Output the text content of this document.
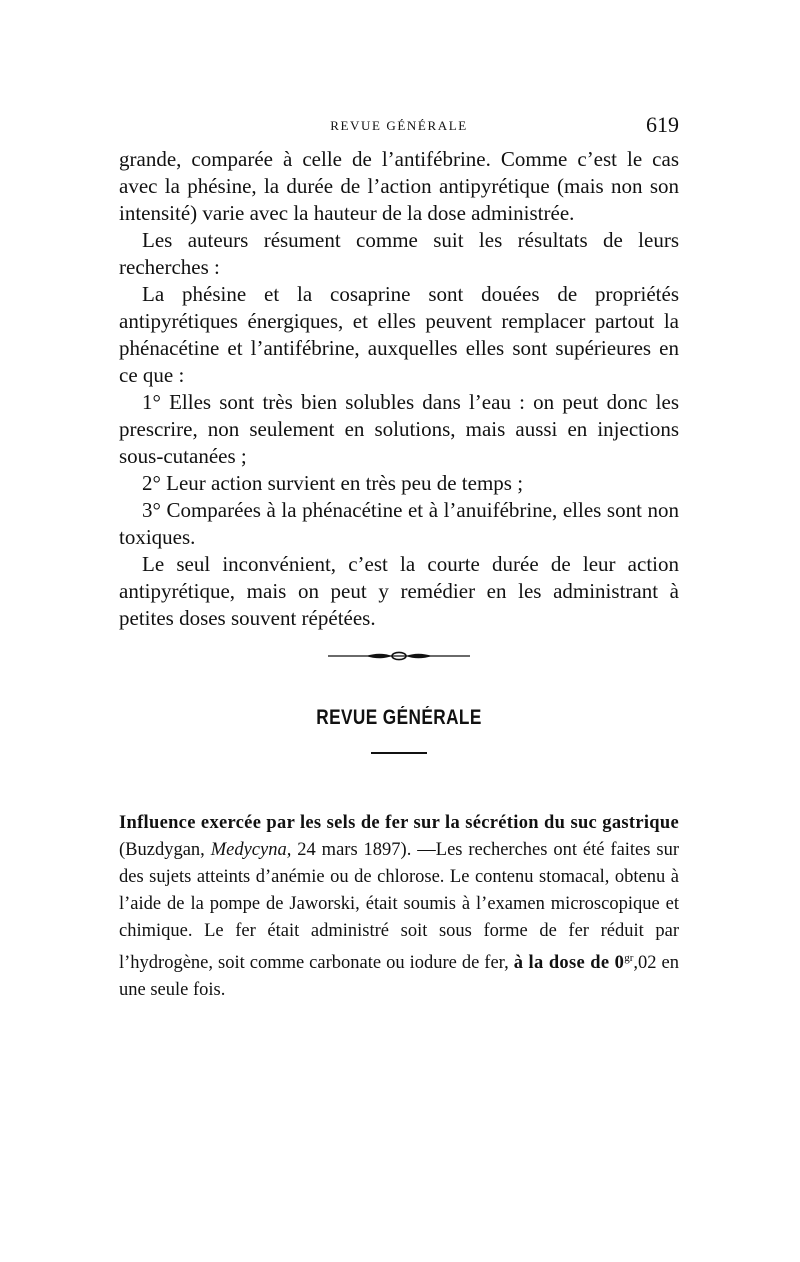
REVUE GÉNÉRALE	619

grande, comparée à celle de l’antifébrine. Comme c’est le cas avec la phésine, la durée de l’action antipyrétique (mais non son intensité) varie avec la hauteur de la dose administrée.

Les auteurs résument comme suit les résultats de leurs recherches :

La phésine et la cosaprine sont douées de propriétés antipyrétiques énergiques, et elles peuvent remplacer partout la phénacétine et l’antifébrine, auxquelles elles sont supérieures en ce que :

1° Elles sont très bien solubles dans l’eau : on peut donc les prescrire, non seulement en solutions, mais aussi en injections sous-cutanées ;

2° Leur action survient en très peu de temps ;

3° Comparées à la phénacétine et à l’anuifébrine, elles sont non toxiques.

Le seul inconvénient, c’est la courte durée de leur action antipyrétique, mais on peut y remédier en les administrant à petites doses souvent répétées.

REVUE GÉNÉRALE

Influence exercée par les sels de fer sur la sécrétion du suc gastrique (Buzdygan, Medycyna, 24 mars 1897). —Les recherches ont été faites sur des sujets atteints d’anémie ou de chlorose. Le contenu stomacal, obtenu à l’aide de la pompe de Jaworski, était soumis à l’examen microscopique et chimique. Le fer était administré soit sous forme de fer réduit par l’hydrogène, soit comme carbonate ou iodure de fer, à la dose de $0^{gr},02$ en une seule fois.
